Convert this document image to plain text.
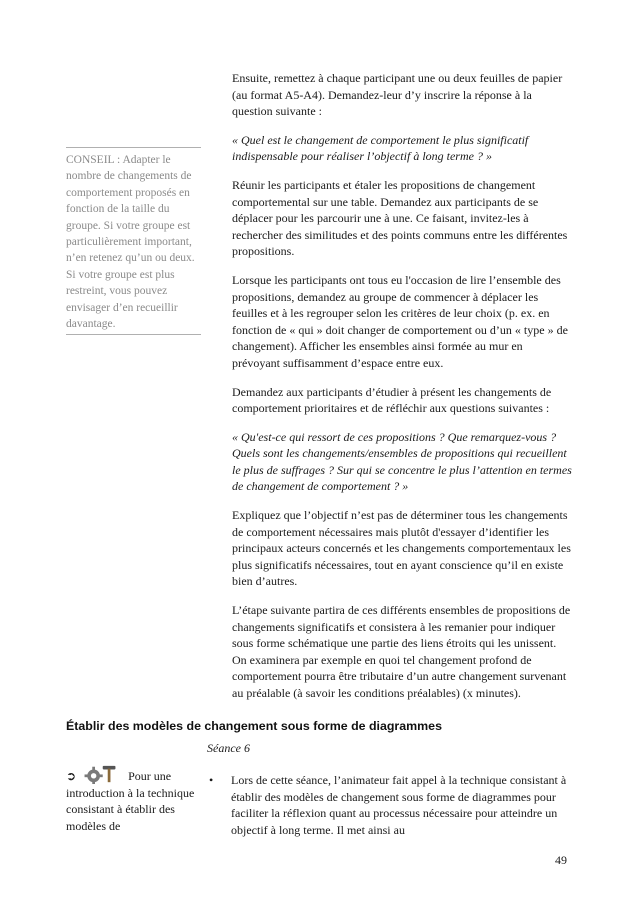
CONSEIL : Adapter le nombre de changements de comportement proposés en fonction de la taille du groupe. Si votre groupe est particulièrement important, n’en retenez qu’un ou deux. Si votre groupe est plus restreint, vous pouvez envisager d’en recueillir davantage.

Ensuite, remettez à chaque participant une ou deux feuilles de papier (au format A5-A4). Demandez-leur d’y inscrire la réponse à la question suivante :

« Quel est le changement de comportement le plus significatif indispensable pour réaliser l’objectif à long terme ? »

Réunir les participants et étaler les propositions de changement comportemental sur une table. Demandez aux participants de se déplacer pour les parcourir une à une. Ce faisant, invitez-les à rechercher des similitudes et des points communs entre les différentes propositions.

Lorsque les participants ont tous eu l'occasion de lire l’ensemble des propositions, demandez au groupe de commencer à déplacer les feuilles et à les regrouper selon les critères de leur choix (p. ex. en fonction de « qui » doit changer de comportement ou d’un « type » de changement). Afficher les ensembles ainsi formée au mur en prévoyant suffisamment d’espace entre eux.

Demandez aux participants d’étudier à présent les changements de comportement prioritaires et de réfléchir aux questions suivantes :

« Qu'est-ce qui ressort de ces propositions ? Que remarquez-vous ? Quels sont les changements/ensembles de propositions qui recueillent le plus de suffrages ? Sur qui se concentre le plus l’attention en termes de changement de comportement ? »

Expliquez que l’objectif n’est pas de déterminer tous les changements de comportement nécessaires mais plutôt d'essayer d’identifier les principaux acteurs concernés et les changements comportementaux les plus significatifs nécessaires, tout en ayant conscience qu’il en existe bien d’autres.

L’étape suivante partira de ces différents ensembles de propositions de changements significatifs et consistera à les remanier pour indiquer sous forme schématique une partie des liens étroits qui les unissent. On examinera par exemple en quoi tel changement profond de comportement pourra être tributaire d’un autre changement survenant au préalable (à savoir les conditions préalables) (x minutes).

Établir des modèles de changement sous forme de diagrammes
Séance 6
➲	Pour une
introduction à la technique consistant à établir des modèles de
• Lors de cette séance, l’animateur fait appel à la technique consistant à établir des modèles de changement sous forme de diagrammes pour faciliter la réflexion quant au processus nécessaire pour atteindre un objectif à long terme. Il met ainsi au
49
